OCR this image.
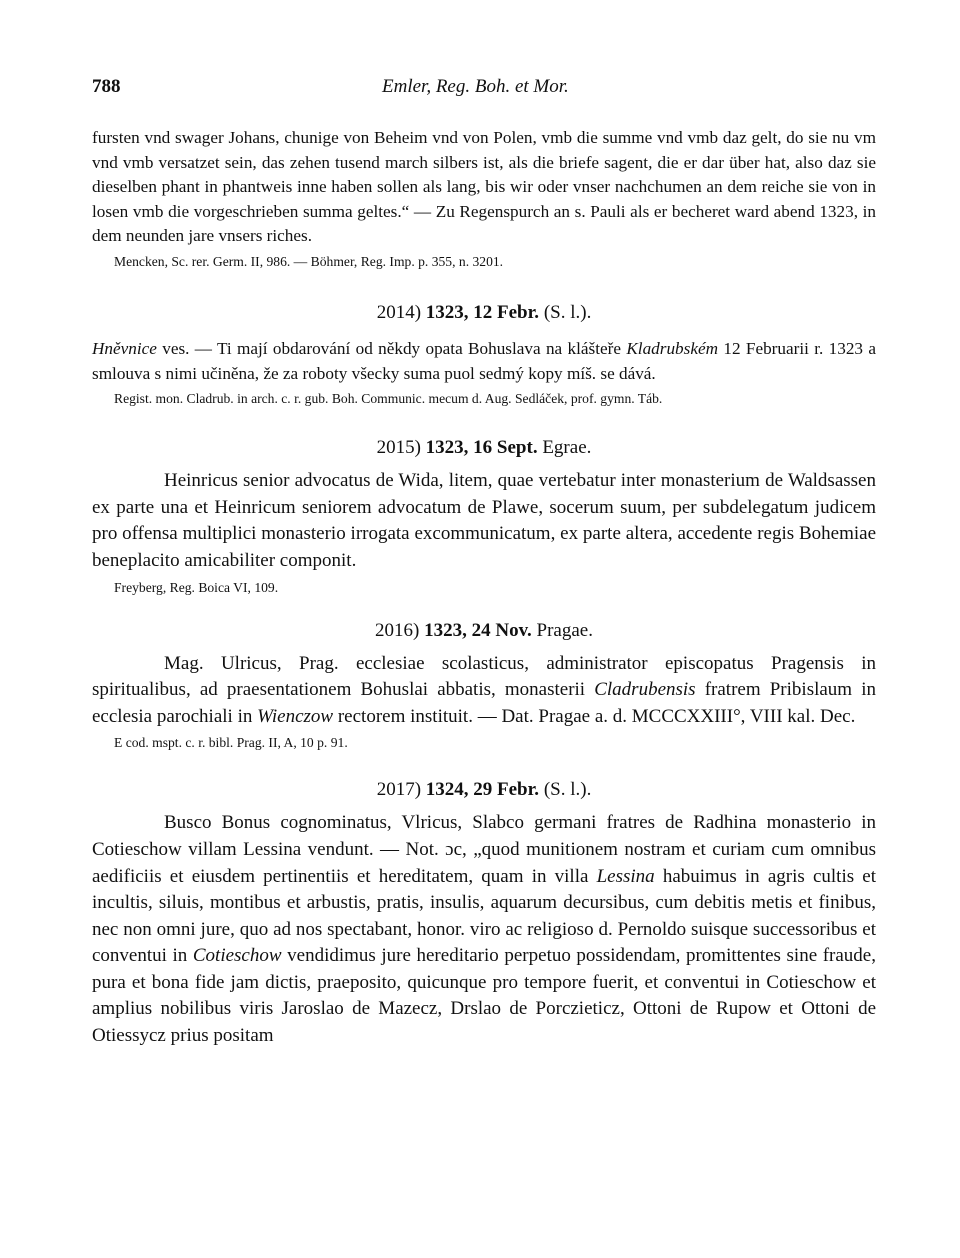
788	Emler, Reg. Boh. et Mor.

fursten vnd swager Johans, chunige von Beheim vnd von Polen, vmb die summe vnd vmb daz gelt, do sie nu vm vnd vmb versatzet sein, das zehen tusend march silbers ist, als die briefe sagent, die er dar über hat, also daz sie dieselben phant in phantweis inne haben sollen als lang, bis wir oder vnser nachchumen an dem reiche sie von in losen vmb die vorgeschrieben summa geltes.“ — Zu Regenspurch an s. Pauli als er becheret ward abend 1323, in dem neunden jare vnsers riches.

Mencken, Sc. rer. Germ. II, 986. — Böhmer, Reg. Imp. p. 355, n. 3201.

2014) 1323, 12 Febr. (S. l.).

Hněvnice ves. — Ti mají obdarování od někdy opata Bohuslava na klášteře Kladrubském 12 Februarii r. 1323 a smlouva s nimi učiněna, že za roboty všecky suma puol sedmý kopy míš. se dává.

Regist. mon. Cladrub. in arch. c. r. gub. Boh. Communic. mecum d. Aug. Sedláček, prof. gymn. Táb.

2015) 1323, 16 Sept. Egrae.

Heinricus senior advocatus de Wida, litem, quae vertebatur inter monasterium de Waldsassen ex parte una et Heinricum seniorem advocatum de Plawe, socerum suum, per subdelegatum judicem pro offensa multiplici monasterio irrogata excommunicatum, ex parte altera, accedente regis Bohemiae beneplacito amicabiliter componit.

Freyberg, Reg. Boica VI, 109.

2016) 1323, 24 Nov. Pragae.

Mag. Ulricus, Prag. ecclesiae scolasticus, administrator episcopatus Pragensis in spiritualibus, ad praesentationem Bohuslai abbatis, monasterii Cladrubensis fratrem Pribislaum in ecclesia parochiali in Wienczow rectorem instituit. — Dat. Pragae a. d. MCCCXXIII°, VIII kal. Dec.

E cod. mspt. c. r. bibl. Prag. II, A, 10 p. 91.

2017) 1324, 29 Febr. (S. l.).

Busco Bonus cognominatus, Vlricus, Slabco germani fratres de Radhina monasterio in Cotieschow villam Lessina vendunt. — Not. ɔc, „quod munitionem nostram et curiam cum omnibus aedificiis et eiusdem pertinentiis et hereditatem, quam in villa Lessina habuimus in agris cultis et incultis, siluis, montibus et arbustis, pratis, insulis, aquarum decursibus, cum debitis metis et finibus, nec non omni jure, quo ad nos spectabant, honor. viro ac religioso d. Pernoldo suisque successoribus et conventui in Cotieschow vendidimus jure hereditario perpetuo possidendam, promittentes sine fraude, pura et bona fide jam dictis, praeposito, quicunque pro tempore fuerit, et conventui in Cotieschow et amplius nobilibus viris Jaroslao de Mazecz, Drslao de Porczieticz, Ottoni de Rupow et Ottoni de Otiessycz prius positam
